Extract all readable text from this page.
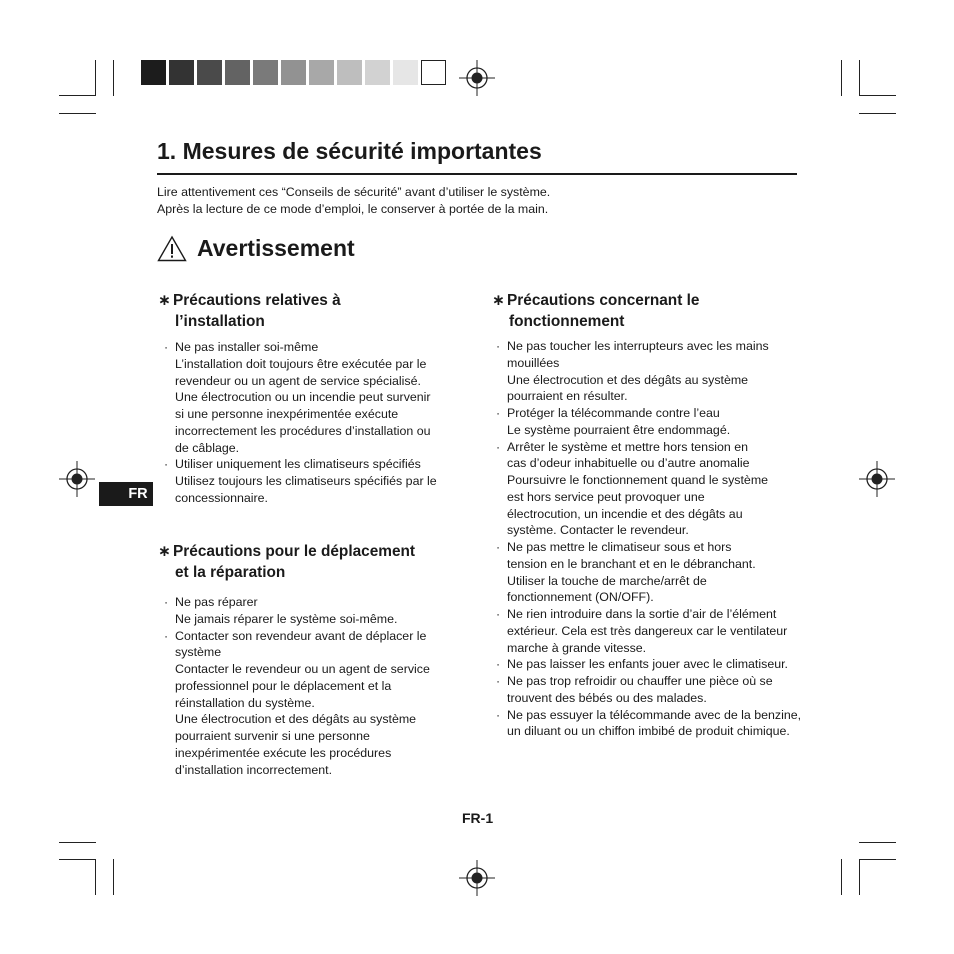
1. Mesures de sécurité importantes
Lire attentivement ces “Conseils de sécurité” avant d’utiliser le système.
Après la lecture de ce mode d’emploi, le conserver à portée de la main.
Avertissement
∗ Précautions relatives à
l’installation
· Ne pas installer soi-même
L’installation doit toujours être exécutée par le
revendeur ou un agent de service spécialisé.
Une électrocution ou un incendie peut survenir
si une personne inexpérimentée exécute
incorrectement les procédures d’installation ou
de câblage.
· Utiliser uniquement les climatiseurs spécifiés
Utilisez toujours les climatiseurs spécifiés par le
concessionnaire.
∗ Précautions pour le déplacement
et la réparation
· Ne pas réparer
Ne jamais réparer le système soi-même.
· Contacter son revendeur avant de déplacer le
système
Contacter le revendeur ou un agent de service
professionnel pour le déplacement et la
réinstallation du système.
Une électrocution et des dégâts au système
pourraient survenir si une personne
inexpérimentée exécute les procédures
d’installation incorrectement.
∗ Précautions concernant le
fonctionnement
· Ne pas toucher les interrupteurs avec les mains
mouillées
Une électrocution et des dégâts au système
pourraient en résulter.
· Protéger la télécommande contre l’eau
Le système pourraient être endommagé.
· Arrêter le système et mettre hors tension en
cas d’odeur inhabituelle ou d’autre anomalie
Poursuivre le fonctionnement quand le système
est hors service peut provoquer une
électrocution, un incendie et des dégâts au
système. Contacter le revendeur.
· Ne pas mettre le climatiseur sous et hors
tension en le branchant et en le débranchant.
Utiliser la touche de marche/arrêt de
fonctionnement (ON/OFF).
· Ne rien introduire dans la sortie d’air de l’élément
extérieur. Cela est très dangereux car le ventilateur
marche à grande vitesse.
· Ne pas laisser les enfants jouer avec le climatiseur.
· Ne pas trop refroidir ou chauffer une pièce où se
trouvent des bébés ou des malades.
· Ne pas essuyer la télécommande avec de la benzine,
un diluant ou un chiffon imbibé de produit chimique.
FR
FR-1
